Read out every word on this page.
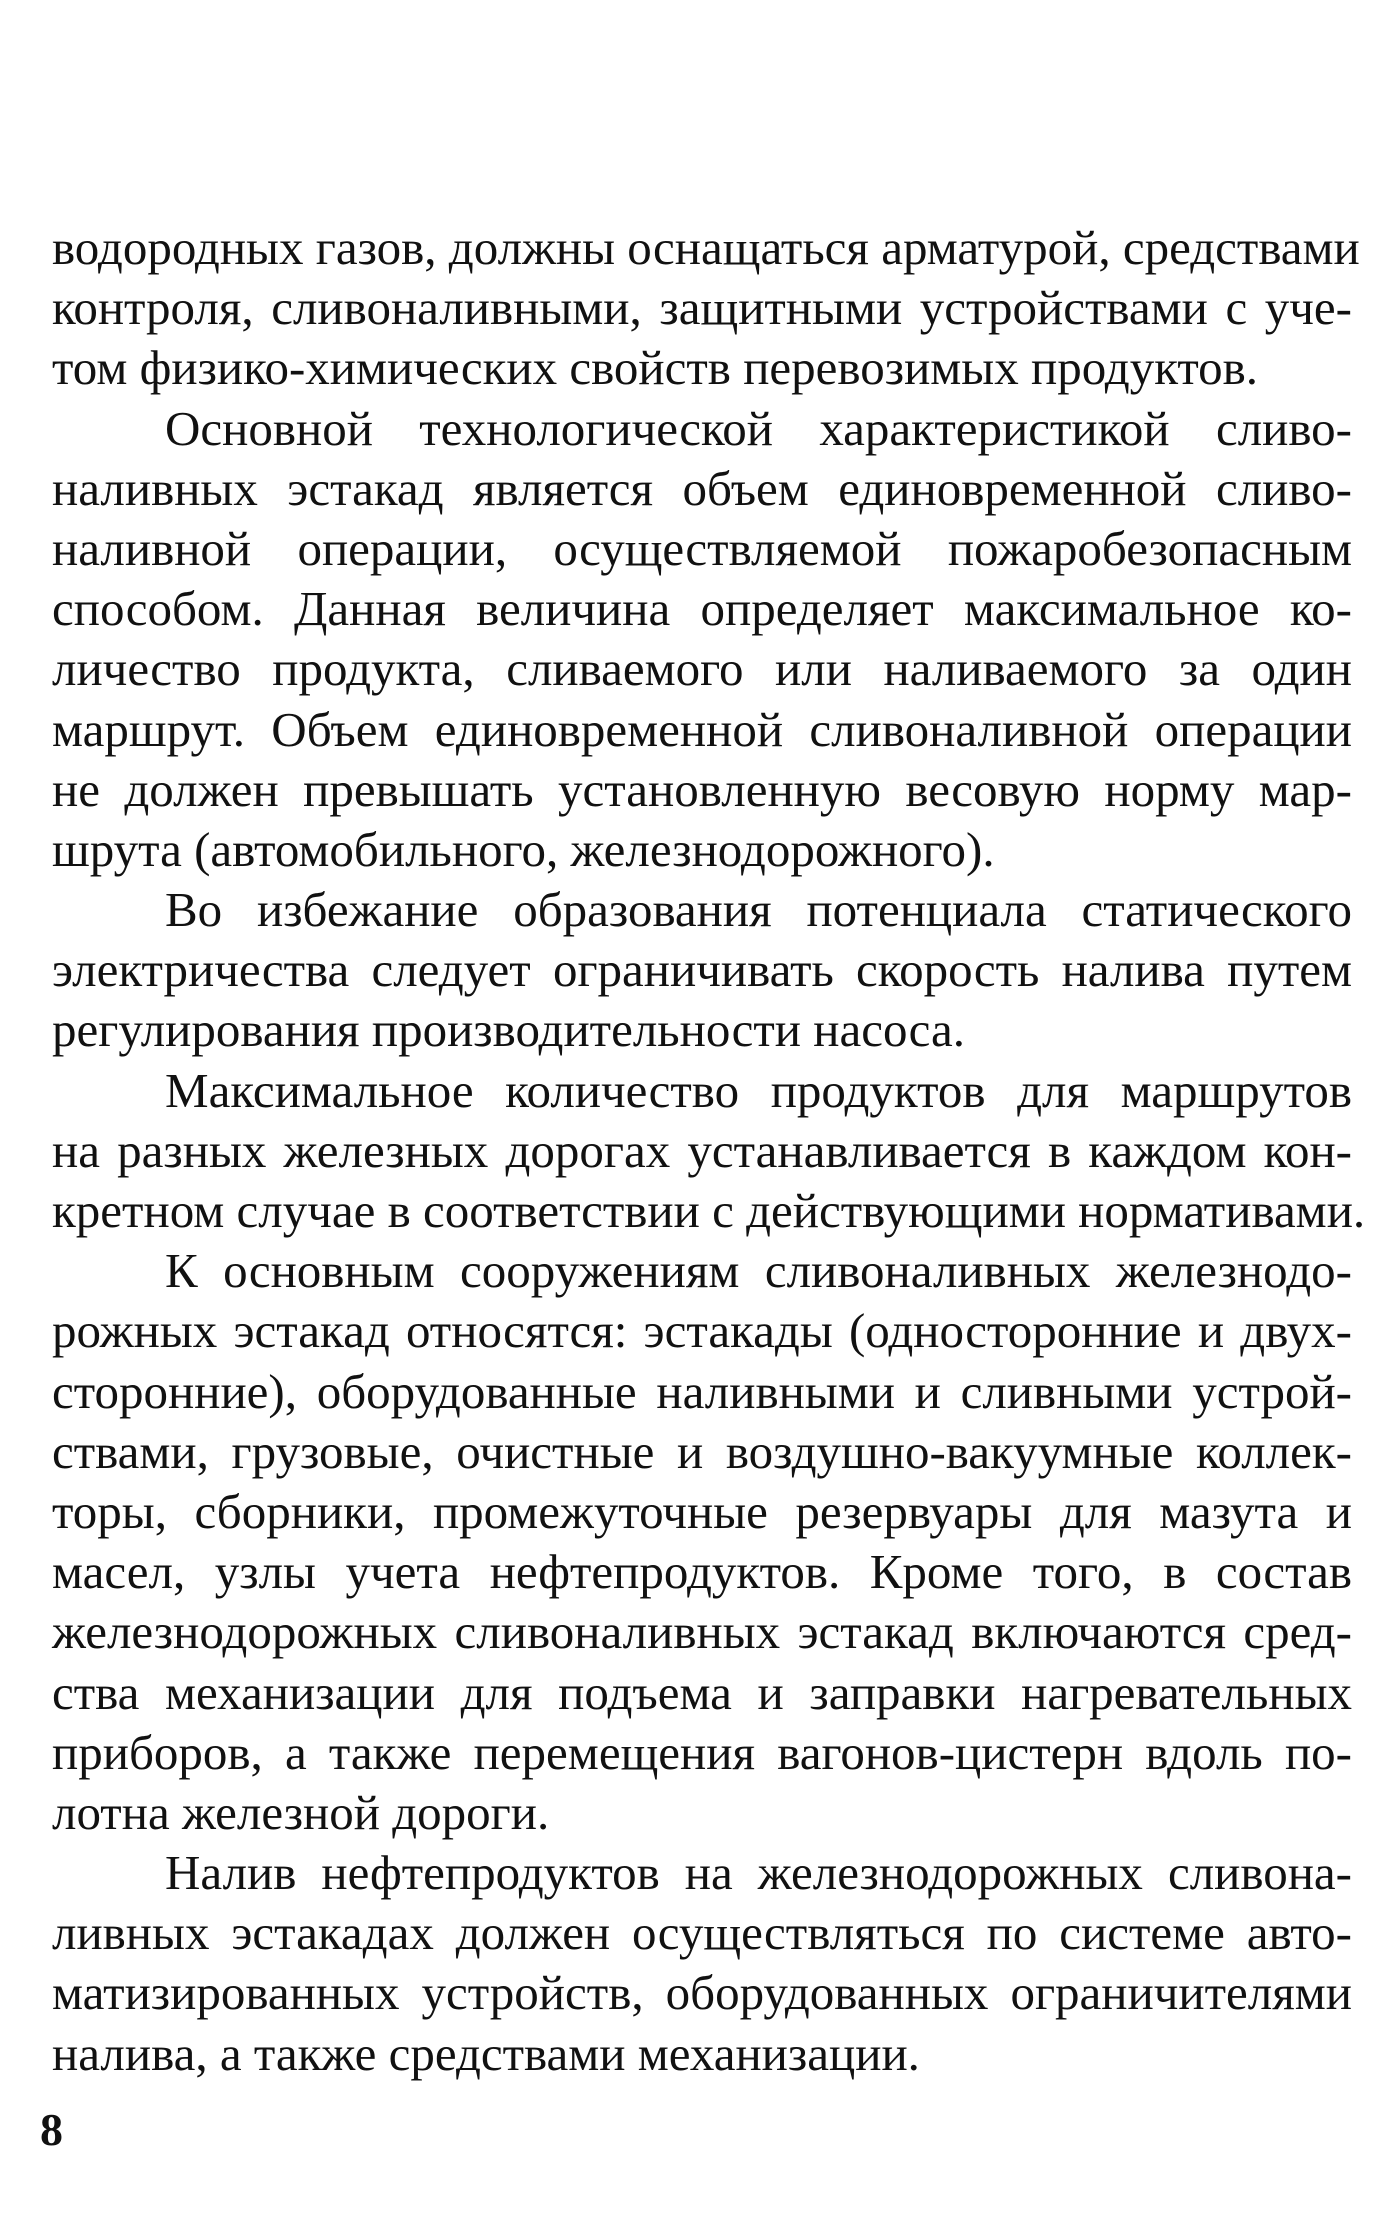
водородных газов, должны оснащаться арматурой, средствами
контроля, сливоналивными, защитными устройствами с уче-
том физико-химических свойств перевозимых продуктов.
Основной технологической характеристикой сливо-
наливных эстакад является объем единовременной сливо-
наливной операции, осуществляемой пожаробезопасным
способом. Данная величина определяет максимальное ко-
личество продукта, сливаемого или наливаемого за один
маршрут. Объем единовременной сливоналивной операции
не должен превышать установленную весовую норму мар-
шрута (автомобильного, железнодорожного).
Во избежание образования потенциала статического
электричества следует ограничивать скорость налива путем
регулирования производительности насоса.
Максимальное количество продуктов для маршрутов
на разных железных дорогах устанавливается в каждом кон-
кретном случае в соответствии с действующими нормативами.
К основным сооружениям сливоналивных железнодо-
рожных эстакад относятся: эстакады (односторонние и двух-
сторонние), оборудованные наливными и сливными устрой-
ствами, грузовые, очистные и воздушно-вакуумные коллек-
торы, сборники, промежуточные резервуары для мазута и
масел, узлы учета нефтепродуктов. Кроме того, в состав
железнодорожных сливоналивных эстакад включаются сред-
ства механизации для подъема и заправки нагревательных
приборов, а также перемещения вагонов-цистерн вдоль по-
лотна железной дороги.
Налив нефтепродуктов на железнодорожных сливона-
ливных эстакадах должен осуществляться по системе авто-
матизированных устройств, оборудованных ограничителями
налива, а также средствами механизации.
8
